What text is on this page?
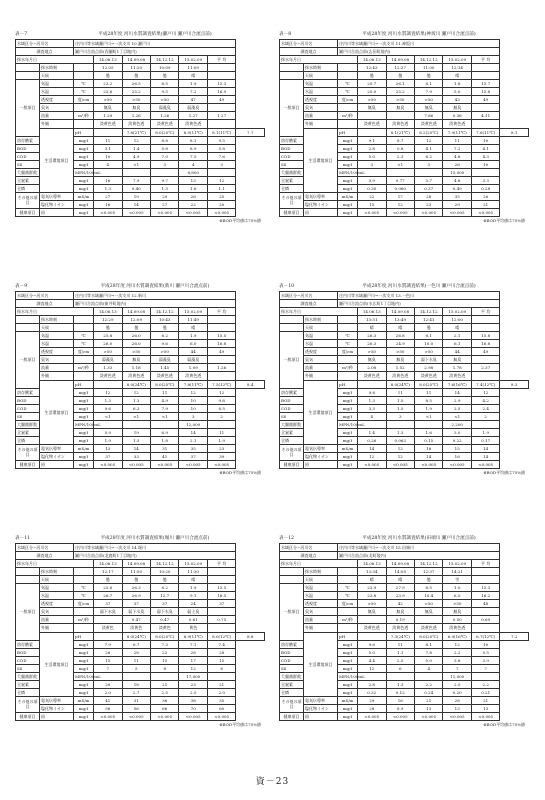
表－7	平成28年度 河川水質調査結果(瀬戸川 瀬戸川合流点前)
水域区分−河川名		庄内川等水域瀬戸川→一次支川 10.瀬戸川						
調査地点		瀬戸川合流点前(西瀬町1丁目地内)						
採水年月日			14.06.13	14.09.08	14.12.12	15.02.09	平 均	
	採水時刻		12.05	11:20	10:09	11:09		
	天候		曇	曇	曇	晴		
一般項目	気温	℃	23.2	26.5	8.5	1.9	15.3	
	水温	℃	23.6	25.2	9.5	7.2	16.9	
	透視度	度/cm	>50	>50	>50	47	49	
	臭気		無臭	無臭	弱藻臭	弱藻臭		
	流量	m³/秒	1.29	1.26	1.26	1.27	1.27	
	外観		淡黄色透	淡黄色透	淡黄色透	淡黄色透		
	生活環境項目	pH		7.8(21℃)	8.0(25℃)	8.0(11℃)	8.1(11℃)	7.7
溶存酸素		mg/ℓ	11	12	8.8	8.1	9.5	
BOD		mg/ℓ	3.1	1.4	5.8	8.9	5.8	
COD		mg/ℓ	10	4.9	7.0	7.5	7.6	
SS		mg/ℓ	4	<1	3	4	3	
大腸菌群数		MPN/100mL				8,800		
全窒素		mg/ℓ	16	7.9	9.7	13	12	
全燐		mg/ℓ	1.3	0.40	1.3	1.6	1.1	
その他の項目	電気伝導率	mS/m	27	19	29	26	25	
	塩化物イオン	mg/ℓ	16	14	27	22	20	
健康項目	鉛	mg/ℓ	<0.005	<0.005	<0.005	<0.005	<0.005	
※BOD平均値は75%値
表－8	平成28年度 河川水質調査結果(神坂川 瀬戸川合流点前)
水域区分−河川名		庄内川等水域瀬戸川→一次支川 11.神坂川						
調査地点		瀬戸川合流点前(志田町地内)						
採水年月日			14.06.13	14.09.08	14.12.12	15.02.09	平 均	
	採水時刻		12:43	12:37	11:00	12:14		
	天候		曇	曇	曇	晴		
一般項目	気温	℃	25.7	26.1	8.1	1.8	15.7	
	水温	℃	25.0	25.2	7.9	5.0	15.8	
	透視度	度/cm	>50	>50	>50	43	49	
	臭気		無臭	無臭	無臭	無臭		
	流量	m³/秒			7.86	0.36	4.11	
	外観		淡黄色透	淡黄色透	淡黄色透	淡黄色透		
	生活環境項目	pH		8.1(21℃)	8.2(25℃)	7.9(11℃)	7.6(11℃)	8.1
溶存酸素		mg/ℓ	9.1	8.7	12	11	10	
BOD		mg/ℓ	2.8	0.8	4.1	7.2	4.1	
COD		mg/ℓ	5.0	2.3	6.2	4.8	4.3	
SS		mg/ℓ	3	<1	3	26	10	
大腸菌群数		MPN/100mL				15,000		
全窒素		mg/ℓ	3.9	0.77	3.7	4.8	3.3	
全燐		mg/ℓ	0.30	0.060	0.37	0.49	0.28	
その他の項目	電気伝導率	mS/m	22	17	28	35	26	
	塩化物イオン	mg/ℓ	15	12	23	29	21	
健康項目	鉛	mg/ℓ	<0.005	<0.005	<0.005	<0.005	<0.005	
※BOD平均値は75%値
表－9	平成28年度 河川水質調査結果(新川 瀬戸川合流点前)
水域区分−河川名		庄内川等水域瀬戸川→一次支川 12.新川						
調査地点		瀬戸川合流点前(新井町地内)						
採水年月日			14.06.13	14.09.08	14.12.12	15.02.09	平 均	
	採水時刻		12:29	12:09	10:43	11:49		
	天候		曇	曇	曇	晴		
一般項目	気温	℃	25.8	26.0	8.2	1.9	15.5	
	水温	℃	26.0	26.0	9.6	6.0	16.8	
	透視度	度/cm	>50	>50	>50	44	49	
	臭気		弱藻臭	無臭	弱藻臭	弱藻臭		
	流量	m³/秒	1.33	1.18	1.45	1.09	1.26	
	外観		淡黄色透	淡黄色透	淡黄色透	淡黄色透		
	生活環境項目	pH		8.0(24℃)	8.0(25℃)	7.8(11℃)	7.5(12℃)	8.4
溶存酸素		mg/ℓ	12	12	11	12	12	
BOD		mg/ℓ	1.3	1.3	4.9	10	9.6	
COD		mg/ℓ	9.6	6.3	7.9	10	8.5	
SS		mg/ℓ	<1	<1	<1	3	2	
大腸菌群数		MPN/100mL				12,000		
全窒素		mg/ℓ	5.9	19	6.9	14	11	
全燐		mg/ℓ	1.9	1.5	1.8	2.1	1.9	
その他の項目	電気伝導率	mS/m	13	14	31	35	23	
	塩化物イオン	mg/ℓ	37	33	41	37	39	
健康項目	鉛	mg/ℓ	<0.005	<0.005	<0.005	<0.005	<0.005	
※BOD平均値は75%値
表－10	平成28年度 河川水質調査結果(一色川 瀬戸川合流点前)
水域区分−河川名		庄内川等水域瀬戸川→一次支川 13.一色川						
調査地点		瀬戸川合流点前(水広町1丁目地内)						
採水年月日			14.06.13	14.09.08	14.12.12	15.02.09	平 均	
	採水時刻		13:51	13:49	12:41	12:00		
	天候		晴	晴	曇	晴		
一般項目	気温	℃	26.3	26.8	8.1	2.1	15.8	
	水温	℃	26.3	24.9	10.0	6.1	16.8	
	透視度	度/cm	>50	>50	>50	44	49	
	臭気		無臭	無臭	弱下水臭	無臭		
	流量	m³/秒	2.08	1.52	2.98	1.78	2.37	
	外観		淡黄色透	淡黄色透	淡黄色透	淡黄色透		
	生活環境項目	pH		8.0(24℃)	8.0(25℃)	7.6(16℃)	7.4(12℃)	8.3
溶存酸素		mg/ℓ	9.8	11	11	14	12	
BOD		mg/ℓ	1.3	1.5	8.5	2.9	4.2	
COD		mg/ℓ	3.3	1.5	1.9	2.5	2.4	
SS		mg/ℓ	4	3	<1	<1	2	
大腸菌群数		MPN/100mL				2,200		
全窒素		mg/ℓ	1.4	1.3	1.6	3.0	1.9	
全燐		mg/ℓ	0.26	0.063	0.15	0.22	0.17	
その他の項目	電気伝導率	mS/m	14	12	16	15	14	
	塩化物イオン	mg/ℓ	12	12	14	16	14	
健康項目	鉛	mg/ℓ	<0.005	<0.005	<0.005	<0.005	<0.005	
※BOD平均値は75%値
表－11	平成28年度 河川水質調査結果(堀川 瀬戸川合流点前)
水域区分−河川名		庄内川等水域瀬戸川→一次支川 14.堀川						
調査地点		瀬戸川合流点前(北鹿町1丁目地内)						
採水年月日			14.06.13	14.09.08	14.12.12	15.02.09	平 均	
	採水時刻		12:17	11:50	10:20	11:30		
	天候		曇	曇	曇	晴		
一般項目	気温	℃	25.6	26.3	8.2	1.9	15.5	
	水温	℃	26.7	26.9	12.7	9.1	18.5	
	透視度	度/cm	37	37	37	24	37	
	臭気		弱下水臭	弱下水臭	弱下水臭	弱土臭		
	流量	m³/秒		0.47	0.47	0.61	0.75	
	外観		淡黄色	淡黄色	淡黄色	黄色		
	生活環境項目	pH		8.0(24℃)	8.0(25℃)	8.9(11℃)	8.0(12℃)	8.8
溶存酸素		mg/ℓ	7.9	6.7	7.3	7.1	7.4	
BOD		mg/ℓ	26	28	22	28	28	
COD		mg/ℓ	15	11	15	17	15	
SS		mg/ℓ	7	5	8	12	8	
大腸菌群数		MPN/100mL				17,000		
全窒素		mg/ℓ	20	18	21	23	21	
全燐		mg/ℓ	2.0	2.7	2.5	2.5	2.0	
その他の項目	電気伝導率	mS/m	41	31	36	38	35	
	塩化物イオン	mg/ℓ	56	56	66	70	60	
健康項目	鉛	mg/ℓ	<0.005	<0.005	<0.005	<0.005	<0.005	
※BOD平均値は75%値
表－12	平成28年度 河川水質調査結果(田端川 瀬戸川合流点前)
水域区分−河川名		庄内川等水域瀬戸川→一次支川 15.田端川						
調査地点		瀬戸川合流点前(北町地内)						
採水年月日			14.06.13	14.09.08	14.12.12	15.02.09	平 均	
	採水時刻		13:34	14:05	12:37	14:21		
	天候		晴	晴	曇	雪		
一般項目	気温	℃	23.9	27.9	8.5	1.0	15.3	
	水温	℃	23.8	23.9	10.4	6.5	16.2	
	透視度	度/cm	>50	42	>50	>50	48	
	臭気		無臭	無臭	無臭	無臭		
	流量	m³/秒		0.19		0.50	0.69	
	外観		淡黄色透	淡黄色透	淡黄色透	淡黄色透		
	生活環境項目	pH		7.3(24℃)	8.0(25℃)	6.9(16℃)	6.7(12℃)	7.2
溶存酸素		mg/ℓ	9.6	11	8.1	12	10	
BOD		mg/ℓ	5.0	1.1	7.8	2.2	5.5	
COD		mg/ℓ	4.4	2.5	5.0	3.8	3.9	
SS		mg/ℓ	12	6	4	7	7	
大腸菌群数		MPN/100mL				11,000		
全窒素		mg/ℓ	2.8	1.3	2.2	2.5	2.2	
全燐		mg/ℓ	0.32	0.12	0.24	0.20	0.21	
その他の項目	電気伝導率	mS/m	29	16	21	28	21	
	塩化物イオン	mg/ℓ	28	8.9	13	13	13	
健康項目	鉛	mg/ℓ	<0.005	<0.005	<0.005	<0.005	<0.005	
※BOD平均値は75%値
資－23
